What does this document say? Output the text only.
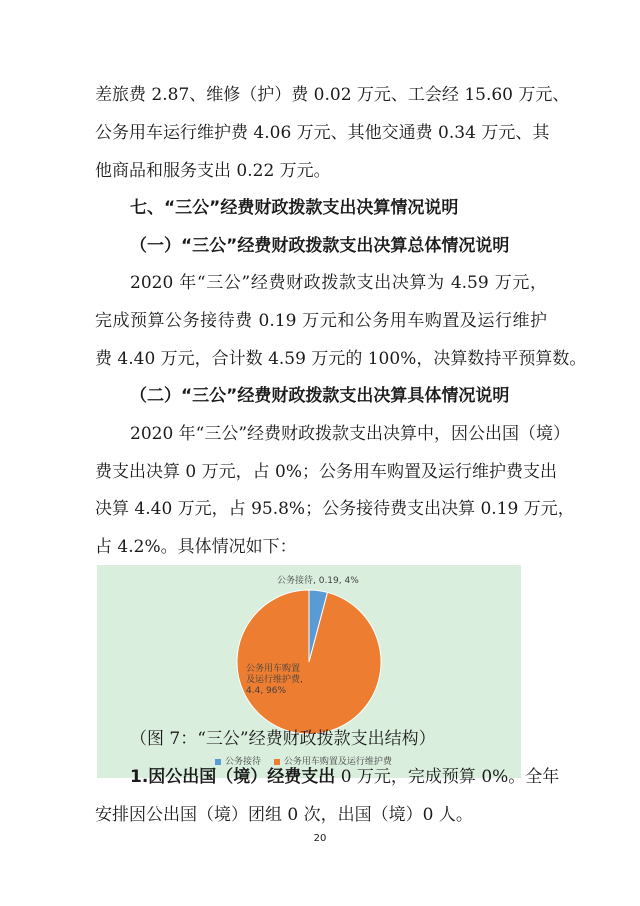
差旅费 2.87、维修（护）费 0.02 万元、工会经 15.60 万元、
公务用车运行维护费 4.06 万元、其他交通费 0.34 万元、其
他商品和服务支出 0.22 万元。
七、“三公”经费财政拨款支出决算情况说明
（一）“三公”经费财政拨款支出决算总体情况说明
2020 年“三公”经费财政拨款支出决算为 4.59 万元，
完成预算公务接待费 0.19 万元和公务用车购置及运行维护
费 4.40 万元，合计数 4.59 万元的 100%，决算数持平预算数。
（二）“三公”经费财政拨款支出决算具体情况说明
2020 年“三公”经费财政拨款支出决算中，因公出国（境）
费支出决算 0 万元，占 0%；公务用车购置及运行维护费支出
决算 4.40 万元，占 95.8%；公务接待费支出决算 0.19 万元，
占 4.2%。具体情况如下：
公务接待, 0.19, 4%
公务用车购置
及运行维护费,
4.4, 96%
公务接待	公务用车购置及运行维护费
（图 7：“三公”经费财政拨款支出结构）
1.因公出国（境）经费支出 0 万元，完成预算 0%。全年
安排因公出国（境）团组 0 次，出国（境）0 人。
20
